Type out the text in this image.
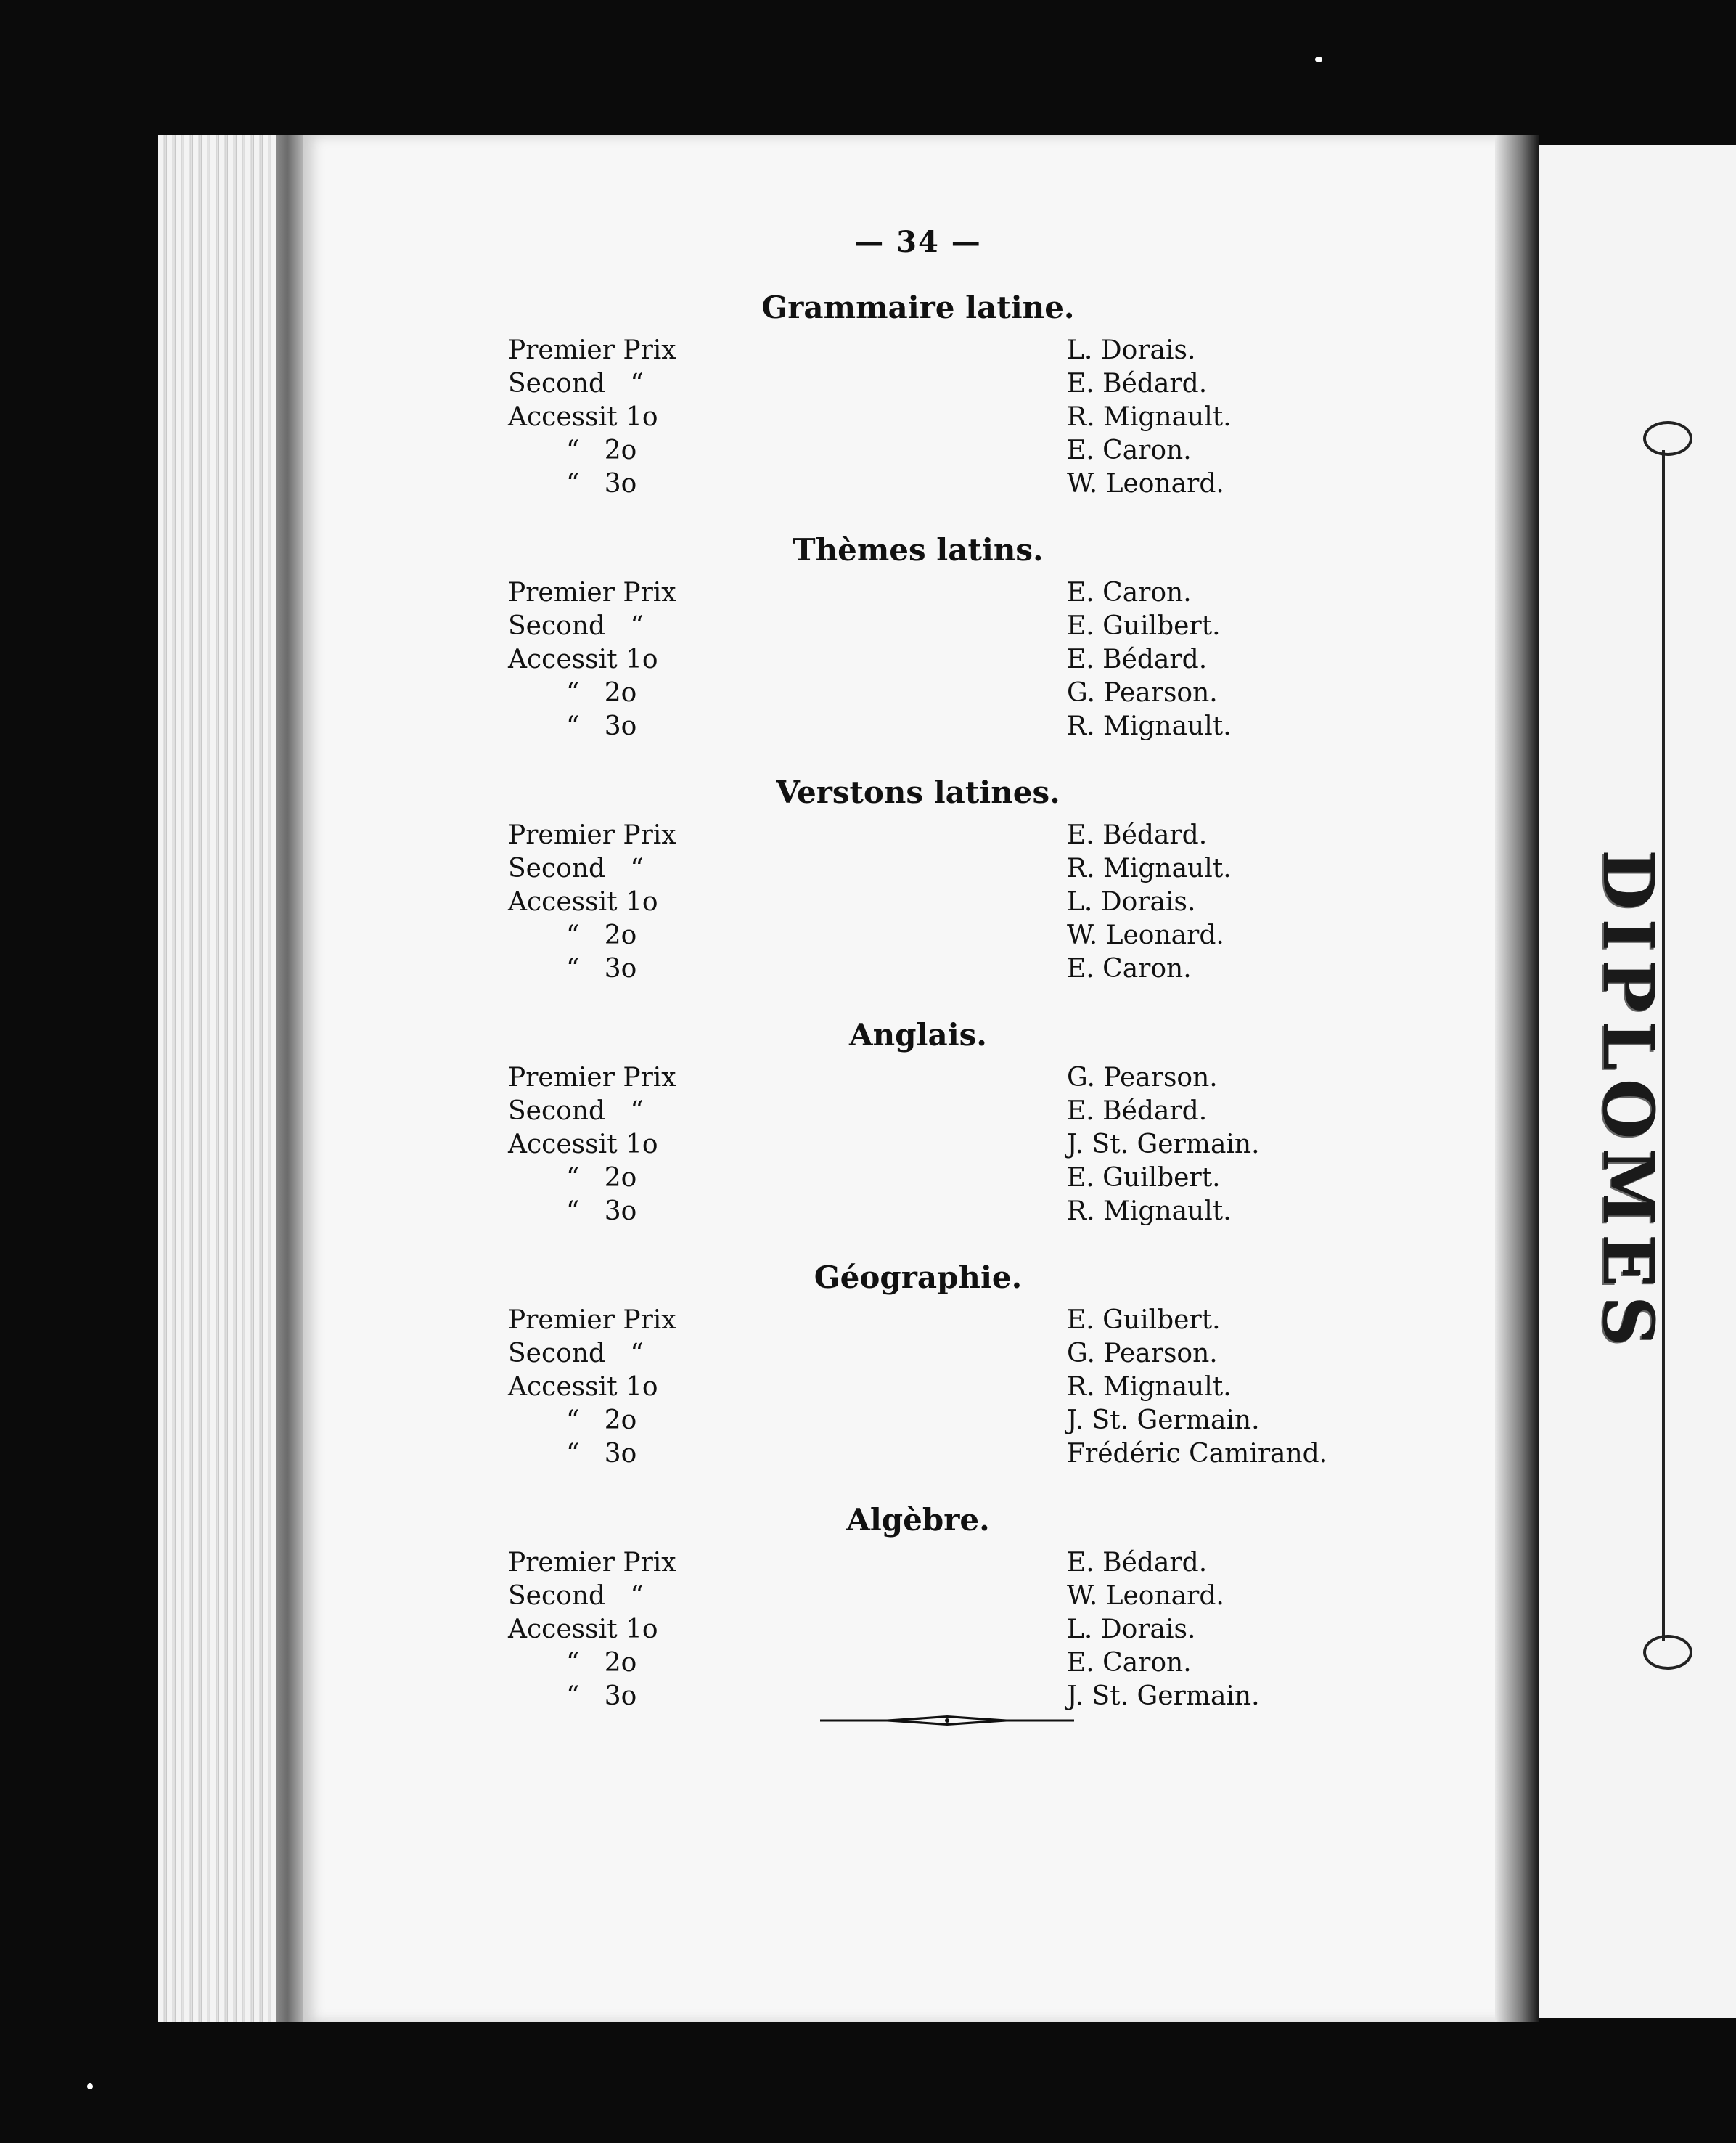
DIPLOMES
— 34 —
Grammaire latine.
Premier Prix	L. Dorais.
Second   “	E. Bédard.
Accessit 1o	R. Mignault.
“   2o	E. Caron.
“   3o	W. Leonard.
Thèmes latins.
Premier Prix	E. Caron.
Second   “	E. Guilbert.
Accessit 1o	E. Bédard.
“   2o	G. Pearson.
“   3o	R. Mignault.
Verstons latines.
Premier Prix	E. Bédard.
Second   “	R. Mignault.
Accessit 1o	L. Dorais.
“   2o	W. Leonard.
“   3o	E. Caron.
Anglais.
Premier Prix	G. Pearson.
Second   “	E. Bédard.
Accessit 1o	J. St. Germain.
“   2o	E. Guilbert.
“   3o	R. Mignault.
Géographie.
Premier Prix	E. Guilbert.
Second   “	G. Pearson.
Accessit 1o	R. Mignault.
“   2o	J. St. Germain.
“   3o	Frédéric Camirand.
Algèbre.
Premier Prix	E. Bédard.
Second   “	W. Leonard.
Accessit 1o	L. Dorais.
“   2o	E. Caron.
“   3o	J. St. Germain.
